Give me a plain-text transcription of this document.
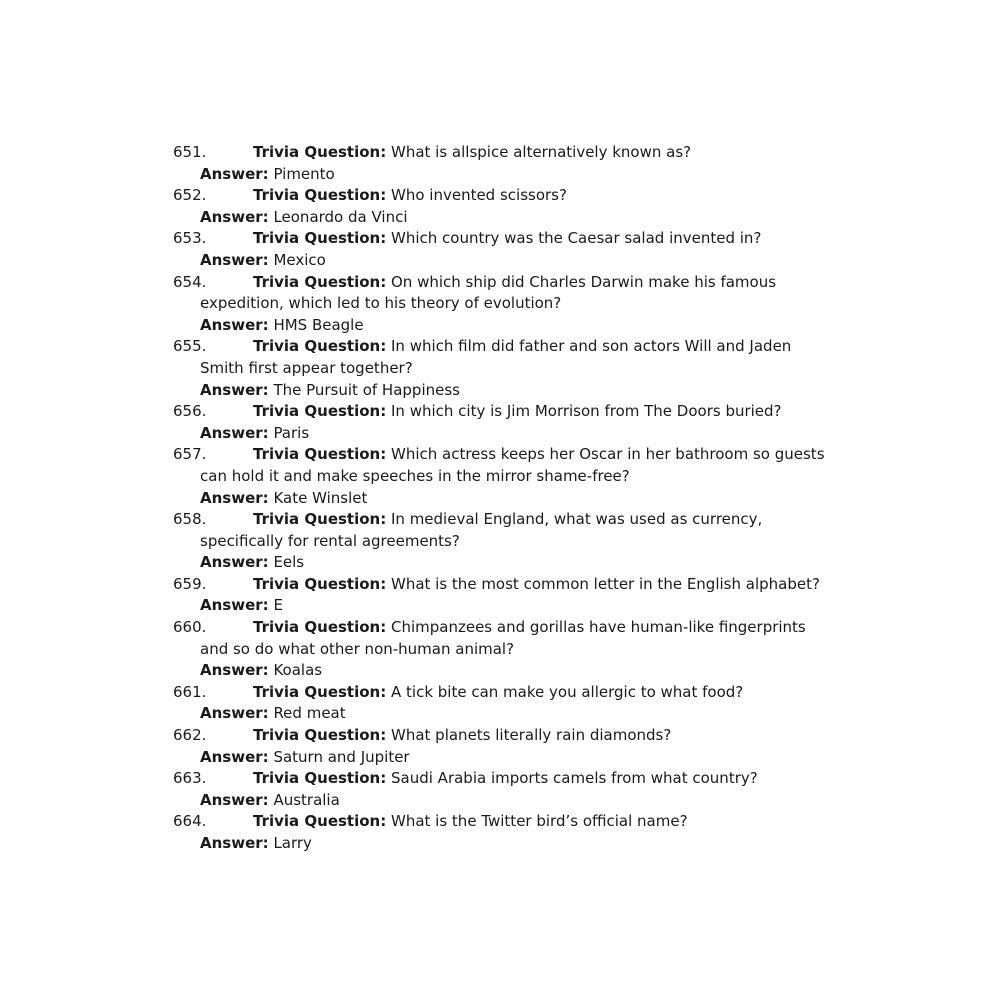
651.	Trivia Question: What is allspice alternatively known as?
Answer: Pimento
652.	Trivia Question: Who invented scissors?
Answer: Leonardo da Vinci
653.	Trivia Question: Which country was the Caesar salad invented in?
Answer: Mexico
654.	Trivia Question: On which ship did Charles Darwin make his famous expedition, which led to his theory of evolution?
Answer: HMS Beagle
655.	Trivia Question: In which film did father and son actors Will and Jaden Smith first appear together?
Answer: The Pursuit of Happiness
656.	Trivia Question: In which city is Jim Morrison from The Doors buried?
Answer: Paris
657.	Trivia Question: Which actress keeps her Oscar in her bathroom so guests can hold it and make speeches in the mirror shame-free?
Answer: Kate Winslet
658.	Trivia Question: In medieval England, what was used as currency, specifically for rental agreements?
Answer: Eels
659.	Trivia Question: What is the most common letter in the English alphabet?
Answer: E
660.	Trivia Question: Chimpanzees and gorillas have human-like fingerprints and so do what other non-human animal?
Answer: Koalas
661.	Trivia Question: A tick bite can make you allergic to what food?
Answer: Red meat
662.	Trivia Question: What planets literally rain diamonds?
Answer: Saturn and Jupiter
663.	Trivia Question: Saudi Arabia imports camels from what country?
Answer: Australia
664.	Trivia Question: What is the Twitter bird’s official name?
Answer: Larry
